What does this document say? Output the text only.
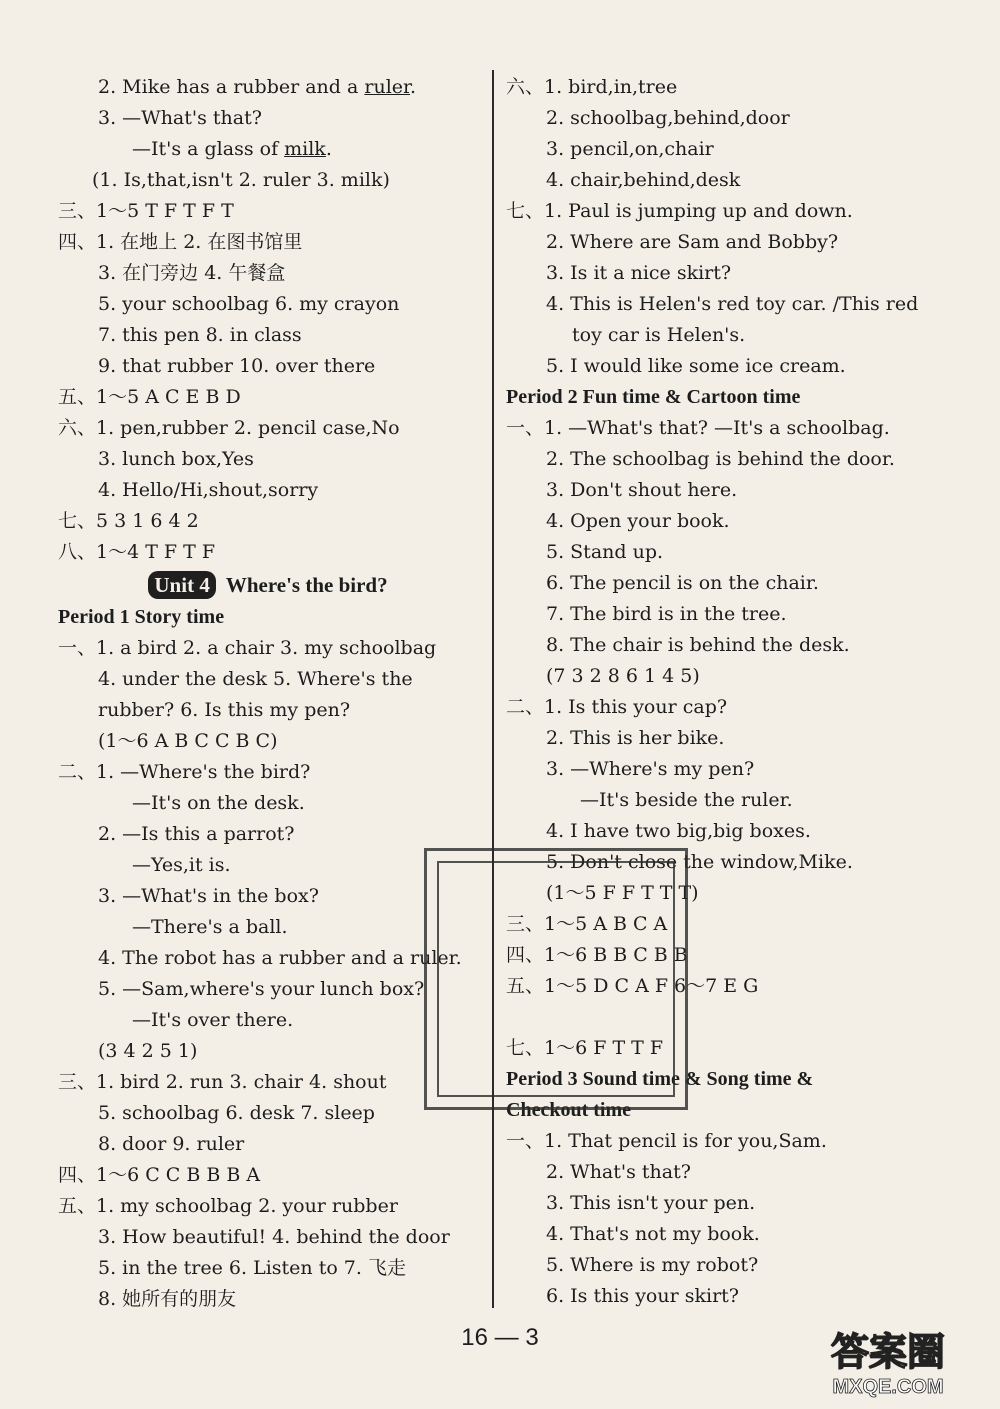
2. Mike has a rubber and a ruler.
3. —What's that?
—It's a glass of milk.
(1. Is,that,isn't 2. ruler 3. milk)
三、1～5 T F T F T
四、1. 在地上 2. 在图书馆里
3. 在门旁边 4. 午餐盒
5. your schoolbag 6. my crayon
7. this pen 8. in class
9. that rubber 10. over there
五、1～5 A C E B D
六、1. pen,rubber 2. pencil case,No
3. lunch box,Yes
4. Hello/Hi,shout,sorry
七、5 3 1 6 4 2
八、1～4 T F T F
Unit 4 Where's the bird?
Period 1 Story time
一、1. a bird 2. a chair 3. my schoolbag
4. under the desk 5. Where's the
rubber? 6. Is this my pen?
(1～6 A B C C B C)
二、1. —Where's the bird?
—It's on the desk.
2. —Is this a parrot?
—Yes,it is.
3. —What's in the box?
—There's a ball.
4. The robot has a rubber and a ruler.
5. —Sam,where's your lunch box?
—It's over there.
(3 4 2 5 1)
三、1. bird 2. run 3. chair 4. shout
5. schoolbag 6. desk 7. sleep
8. door 9. ruler
四、1～6 C C B B B A
五、1. my schoolbag 2. your rubber
3. How beautiful! 4. behind the door
5. in the tree 6. Listen to 7. 飞走
8. 她所有的朋友
六、1. bird,in,tree
2. schoolbag,behind,door
3. pencil,on,chair
4. chair,behind,desk
七、1. Paul is jumping up and down.
2. Where are Sam and Bobby?
3. Is it a nice skirt?
4. This is Helen's red toy car. /This red
toy car is Helen's.
5. I would like some ice cream.
Period 2 Fun time & Cartoon time
一、1. —What's that? —It's a schoolbag.
2. The schoolbag is behind the door.
3. Don't shout here.
4. Open your book.
5. Stand up.
6. The pencil is on the chair.
7. The bird is in the tree.
8. The chair is behind the desk.
(7 3 2 8 6 1 4 5)
二、1. Is this your cap?
2. This is her bike.
3. —Where's my pen?
—It's beside the ruler.
4. I have two big,big boxes.
5. Don't close the window,Mike.
(1～5 F F T T T)
三、1～5 A B C A
四、1～6 B B C B B
五、1～5 D C A F 6～7 E G
七、1～6 F T T F
Period 3 Sound time & Song time &
Checkout time
一、1. That pencil is for you,Sam.
2. What's that?
3. This isn't your pen.
4. That's not my book.
5. Where is my robot?
6. Is this your skirt?
16 — 3	答案圈
MXQE.COM
